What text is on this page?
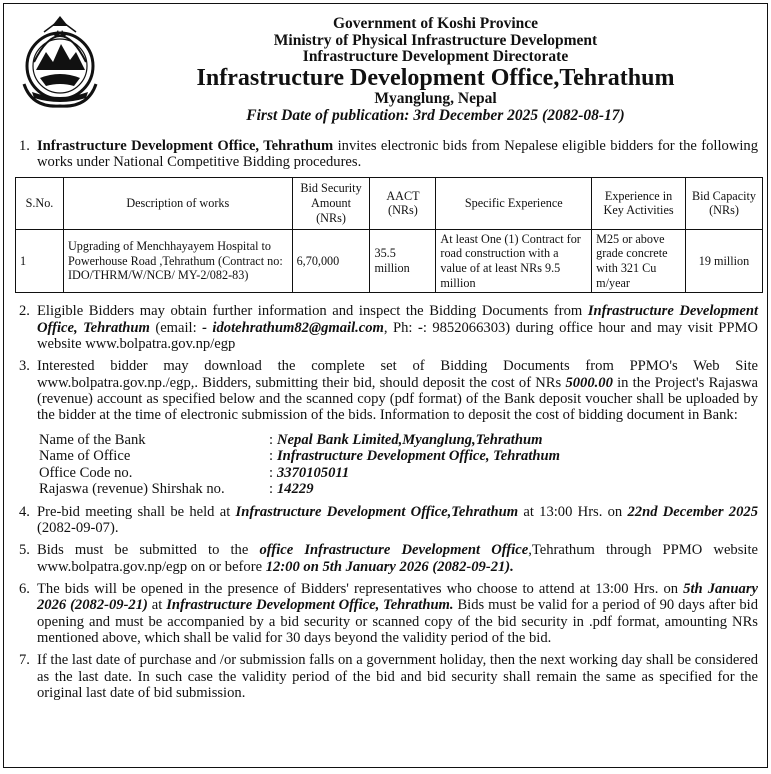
Government of Koshi Province
Ministry of Physical Infrastructure Development
Infrastructure Development Directorate
Infrastructure Development Office,Tehrathum
Myanglung, Nepal
First Date of publication: 3rd December 2025 (2082-08-17)
1. Infrastructure Development Office, Tehrathum invites electronic bids from Nepalese eligible bidders for the following works under National Competitive Bidding procedures.
S.No.	Description of works	Bid Security Amount (NRs)	AACT (NRs)	Specific Experience	Experience in Key Activities	Bid Capacity (NRs)
1	Upgrading of Menchhayayem Hospital to Powerhouse Road ,Tehrathum (Contract no: IDO/THRM/W/NCB/ MY-2/082-83)	6,70,000	35.5 million	At least One (1) Contract for road construction with a value of at least NRs 9.5 million	M25 or above grade concrete with 321 Cu m/year	19 million
2. Eligible Bidders may obtain further information and inspect the Bidding Documents from Infrastructure Development Office, Tehrathum (email: - idotehrathum82@gmail.com, Ph: -: 9852066303) during office hour and may visit PPMO website www.bolpatra.gov.np/egp
3. Interested bidder may download the complete set of Bidding Documents from PPMO's Web Site www.bolpatra.gov.np./egp,. Bidders, submitting their bid, should deposit the cost of NRs 5000.00 in the Project's Rajaswa (revenue) account as specified below and the scanned copy (pdf format) of the Bank deposit voucher shall be uploaded by the bidder at the time of electronic submission of the bids. Information to deposit the cost of bidding document in Bank:
Name of the Bank	: Nepal Bank Limited,Myanglung,Tehrathum
Name of Office	: Infrastructure Development Office, Tehrathum
Office Code no.	: 3370105011
Rajaswa (revenue) Shirshak no.	: 14229
4. Pre-bid meeting shall be held at Infrastructure Development Office,Tehrathum at 13:00 Hrs. on 22nd December 2025 (2082-09-07).
5. Bids must be submitted to the office Infrastructure Development Office,Tehrathum through PPMO website www.bolpatra.gov.np/egp on or before 12:00 on 5th January 2026 (2082-09-21).
6. The bids will be opened in the presence of Bidders' representatives who choose to attend at 13:00 Hrs. on 5th January 2026 (2082-09-21) at Infrastructure Development Office, Tehrathum. Bids must be valid for a period of 90 days after bid opening and must be accompanied by a bid security or scanned copy of the bid security in .pdf format, amounting NRs mentioned above, which shall be valid for 30 days beyond the validity period of the bid.
7. If the last date of purchase and /or submission falls on a government holiday, then the next working day shall be considered as the last date. In such case the validity period of the bid and bid security shall remain the same as specified for the original last date of bid submission.
